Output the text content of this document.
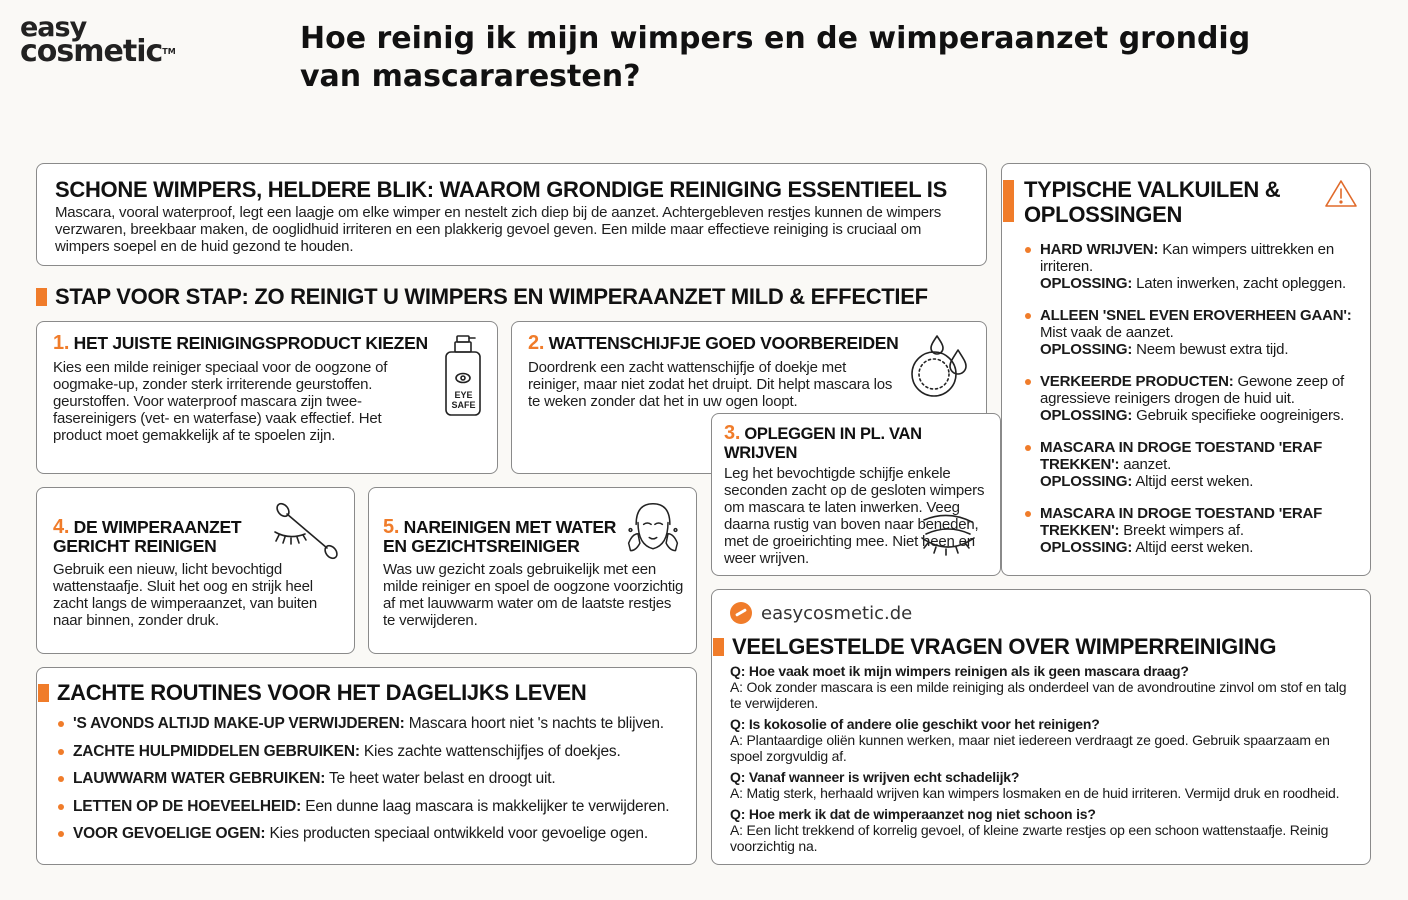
easy
cosmetic™	Hoe reinig ik mijn wimpers en de wimperaanzet grondig van mascararesten?
SCHONE WIMPERS, HELDERE BLIK: WAAROM GRONDIGE REINIGING ESSENTIEEL IS

Mascara, vooral waterproof, legt een laagje om elke wimper en nestelt zich diep bij de aanzet. Achtergebleven restjes kunnen de wimpers verzwaren, breekbaar maken, de ooglidhuid irriteren en een plakkerig gevoel geven. Een milde maar effectieve reiniging is cruciaal om wimpers soepel en de huid gezond te houden.

STAP VOOR STAP: ZO REINIGT U WIMPERS EN WIMPERAANZET MILD & EFFECTIEF
1. HET JUISTE REINIGINGSPRODUCT KIEZEN

Kies een milde reiniger speciaal voor de oogzone of oogmake-up, zonder sterk irriterende geurstoffen. geurstoffen. Voor waterproof mascara zijn twee-fasereinigers (vet- en waterfase) vaak effectief. Het product moet gemakkelijk af te spoelen zijn.

EYE
SAFE
2. WATTENSCHIJFJE GOED VOORBEREIDEN

Doordrenk een zacht wattenschijfje of doekje met reiniger, maar niet zodat het druipt. Dit helpt mascara los te weken zonder dat het in uw ogen loopt.

3. OPLEGGEN IN PL. VAN WRIJVEN

Leg het bevochtigde schijfje enkele seconden zacht op de gesloten wimpers om mascara te laten inwerken. Veeg daarna rustig van boven naar beneden, met de groeirichting mee. Niet heen en weer wrijven.

4. DE WIMPERAANZET GERICHT REINIGEN

Gebruik een nieuw, licht bevochtigd wattenstaafje. Sluit het oog en strijk heel zacht langs de wimperaanzet, van buiten naar binnen, zonder druk.

5. NAREINIGEN MET WATER EN GEZICHTSREINIGER

Was uw gezicht zoals gebruikelijk met een milde reiniger en spoel de oogzone voorzichtig af met lauwwarm water om de laatste restjes te verwijderen.

ZACHTE ROUTINES VOOR HET DAGELIJKS LEVEN
'S AVONDS ALTIJD MAKE-UP VERWIJDEREN: Mascara hoort niet 's nachts te blijven.
ZACHTE HULPMIDDELEN GEBRUIKEN: Kies zachte wattenschijfjes of doekjes.
LAUWWARM WATER GEBRUIKEN: Te heet water belast en droogt uit.
LETTEN OP DE HOEVEELHEID: Een dunne laag mascara is makkelijker te verwijderen.
VOOR GEVOELIGE OGEN: Kies producten speciaal ontwikkeld voor gevoelige ogen.
TYPISCHE VALKUILEN & OPLOSSINGEN
HARD WRIJVEN: Kan wimpers uittrekken en irriteren.
OPLOSSING: Laten inwerken, zacht opleggen.
ALLEEN 'SNEL EVEN EROVERHEEN GAAN': Mist vaak de aanzet.
OPLOSSING: Neem bewust extra tijd.
VERKEERDE PRODUCTEN: Gewone zeep of agressieve reinigers drogen de huid uit.
OPLOSSING: Gebruik specifieke oogreinigers.
MASCARA IN DROGE TOESTAND 'ERAF TREKKEN': aanzet.
OPLOSSING: Altijd eerst weken.
MASCARA IN DROGE TOESTAND 'ERAF TREKKEN': Breekt wimpers af.
OPLOSSING: Altijd eerst weken.
easycosmetic.de
VEELGESTELDE VRAGEN OVER WIMPERREINIGING
Q: Hoe vaak moet ik mijn wimpers reinigen als ik geen mascara draag?
A: Ook zonder mascara is een milde reiniging als onderdeel van de avondroutine zinvol om stof en talg te verwijderen.
Q: Is kokosolie of andere olie geschikt voor het reinigen?
A: Plantaardige oliën kunnen werken, maar niet iedereen verdraagt ze goed. Gebruik spaarzaam en spoel zorgvuldig af.
Q: Vanaf wanneer is wrijven echt schadelijk?
A: Matig sterk, herhaald wrijven kan wimpers losmaken en de huid irriteren. Vermijd druk en roodheid.
Q: Hoe merk ik dat de wimperaanzet nog niet schoon is?
A: Een licht trekkend of korrelig gevoel, of kleine zwarte restjes op een schoon wattenstaafje. Reinig voorzichtig na.
